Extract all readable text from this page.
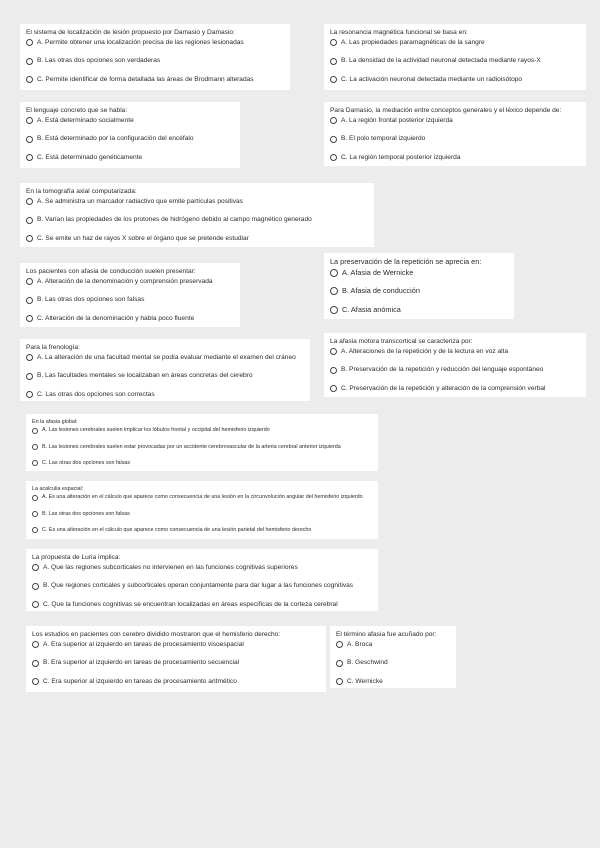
El sistema de localización de lesión propuesto por Damasio y Damasio:
A. Permite obtener una localización precisa de las regiones lesionadas
B. Las otras dos opciones son verdaderas
C. Permite identificar de forma detallada las áreas de Brodmann alteradas
La resonancia magnética funcional se basa en:
A. Las propiedades paramagnéticas de la sangre
B. La densidad de la actividad neuronal detectada mediante rayos-X
C. La activación neuronal detectada mediante un radioisótopo
El lenguaje concreto que se habla:
A. Está determinado socialmente
B. Está determinado por la configuración del encéfalo
C. Está determinado genéticamente
Para Damasio, la mediación entre conceptos generales y el léxico depende de:
A. La región frontal posterior izquierda
B. El polo temporal izquierdo
C. La región temporal posterior izquierda
En la tomografía axial computarizada:
A. Se administra un marcador radiactivo que emite partículas positivas
B. Varían las propiedades de los protones de hidrógeno debido al campo magnético generado
C. Se emite un haz de rayos X sobre el órgano que se pretende estudiar
La preservación de la repetición se aprecia en:
A. Afasia de Wernicke
B. Afasia de conducción
C. Afasia anómica
Los pacientes con afasia de conducción suelen presentar:
A. Alteración de la denominación y comprensión preservada
B. Las otras dos opciones son falsas
C. Alteración de la denominación y habla poco fluente
La afasia motora transcortical se caracteriza por:
A. Alteraciones de la repetición y de la lectura en voz alta
B. Preservación de la repetición y reducción del lenguaje espontáneo
C. Preservación de la repetición y alteración de la comprensión verbal
Para la frenología:
A. La alteración de una facultad mental se podía evaluar mediante el examen del cráneo
B. Las facultades mentales se localizaban en áreas concretas del cerebro
C. Las otras dos opciones son correctas
En la afasia global:
A. Las lesiones cerebrales suelen implicar los lóbulos frontal y occipital del hemisferio izquierdo
B. Las lesiones cerebrales suelen estar provocadas por un accidente cerebrovascular de la arteria cerebral anterior izquierda
C. Las otras dos opciones son falsas
La acalculia espacial:
A. Es una alteración en el cálculo que aparece como consecuencia de una lesión en la circunvolución angular del hemisferio izquierdo
B. Las otras dos opciones son falsas
C. Es una alteración en el cálculo que aparece como consecuencia de una lesión parietal del hemisferio derecho
La propuesta de Luria implica:
A. Que las regiones subcorticales no intervienen en las funciones cognitivas superiores
B. Que regiones corticales y subcorticales operan conjuntamente para dar lugar a las funciones cognitivas
C. Que la funciones cognitivas se encuentran localizadas en áreas específicas de la corteza cerebral
Los estudios en pacientes con cerebro dividido mostraron que el hemisferio derecho:
A. Era superior al izquierdo en tareas de procesamiento visoespacial
B. Era superior al izquierdo en tareas de procesamiento secuencial
C. Era superior al izquierdo en tareas de procesamiento aritmético
El término afasia fue acuñado por:
A. Broca
B. Geschwind
C. Wernicke
